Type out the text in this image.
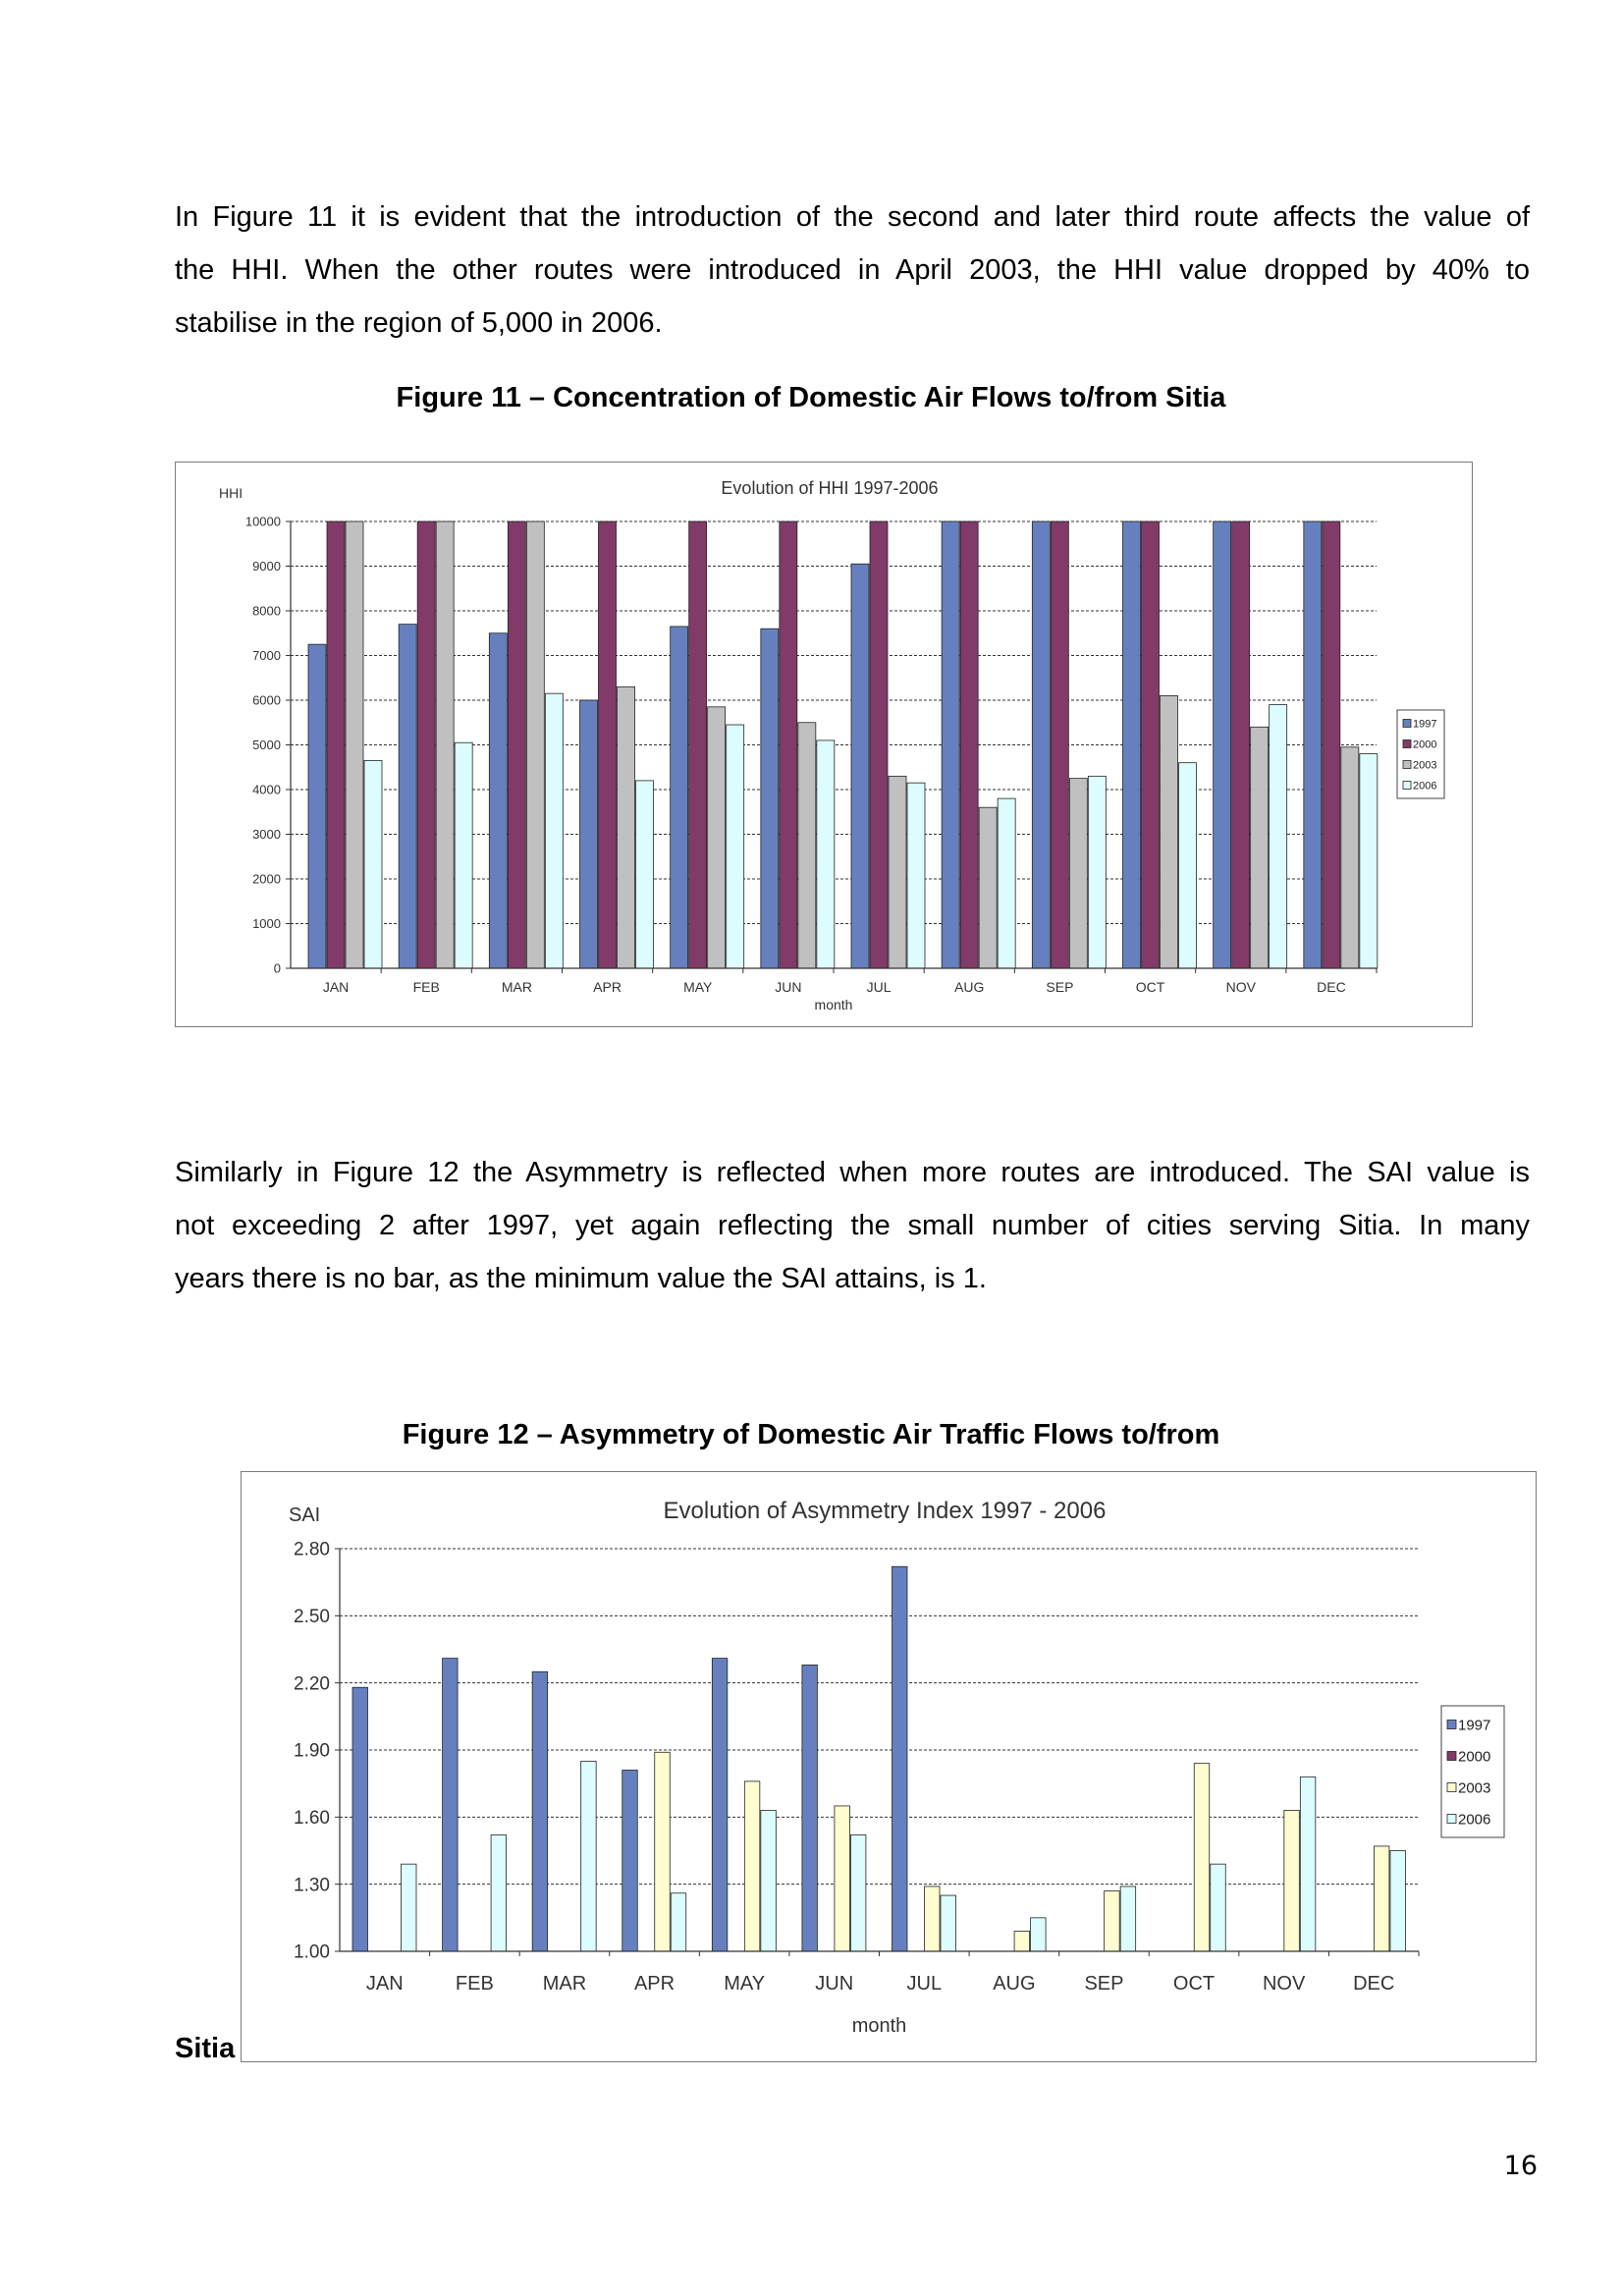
In Figure 11 it is evident that the introduction of the second and later third route affects the value of
the HHI. When the other routes were introduced in April 2003, the HHI value dropped by 40% to
stabilise in the region of 5,000 in 2006.

Figure 11 – Concentration of Domestic Air Flows to/from Sitia

Evolution of HHI 1997-2006
HHI
month
0
1000
2000
3000
4000
5000
6000
7000
8000
9000
10000
JAN	FEB	MAR	APR	MAY	JUN	JUL	AUG	SEP	OCT	NOV	DEC
1997
2000
2003
2006
Similarly in Figure 12 the Asymmetry is reflected when more routes are introduced. The SAI value is
not exceeding 2 after 1997, yet again reflecting the small number of cities serving Sitia. In many
years there is no bar, as the minimum value the SAI attains, is 1.

Figure 12 – Asymmetry of Domestic Air Traffic Flows to/from

Evolution of Asymmetry Index 1997 - 2006
SAI
month
1.00
1.30
1.60
1.90
2.20
2.50
2.80
JAN	FEB MAR APR	MAY	JUN	JUL	AUG SEP	OCT NOV DEC
1997
2000
2003
2006

Sitia

16
